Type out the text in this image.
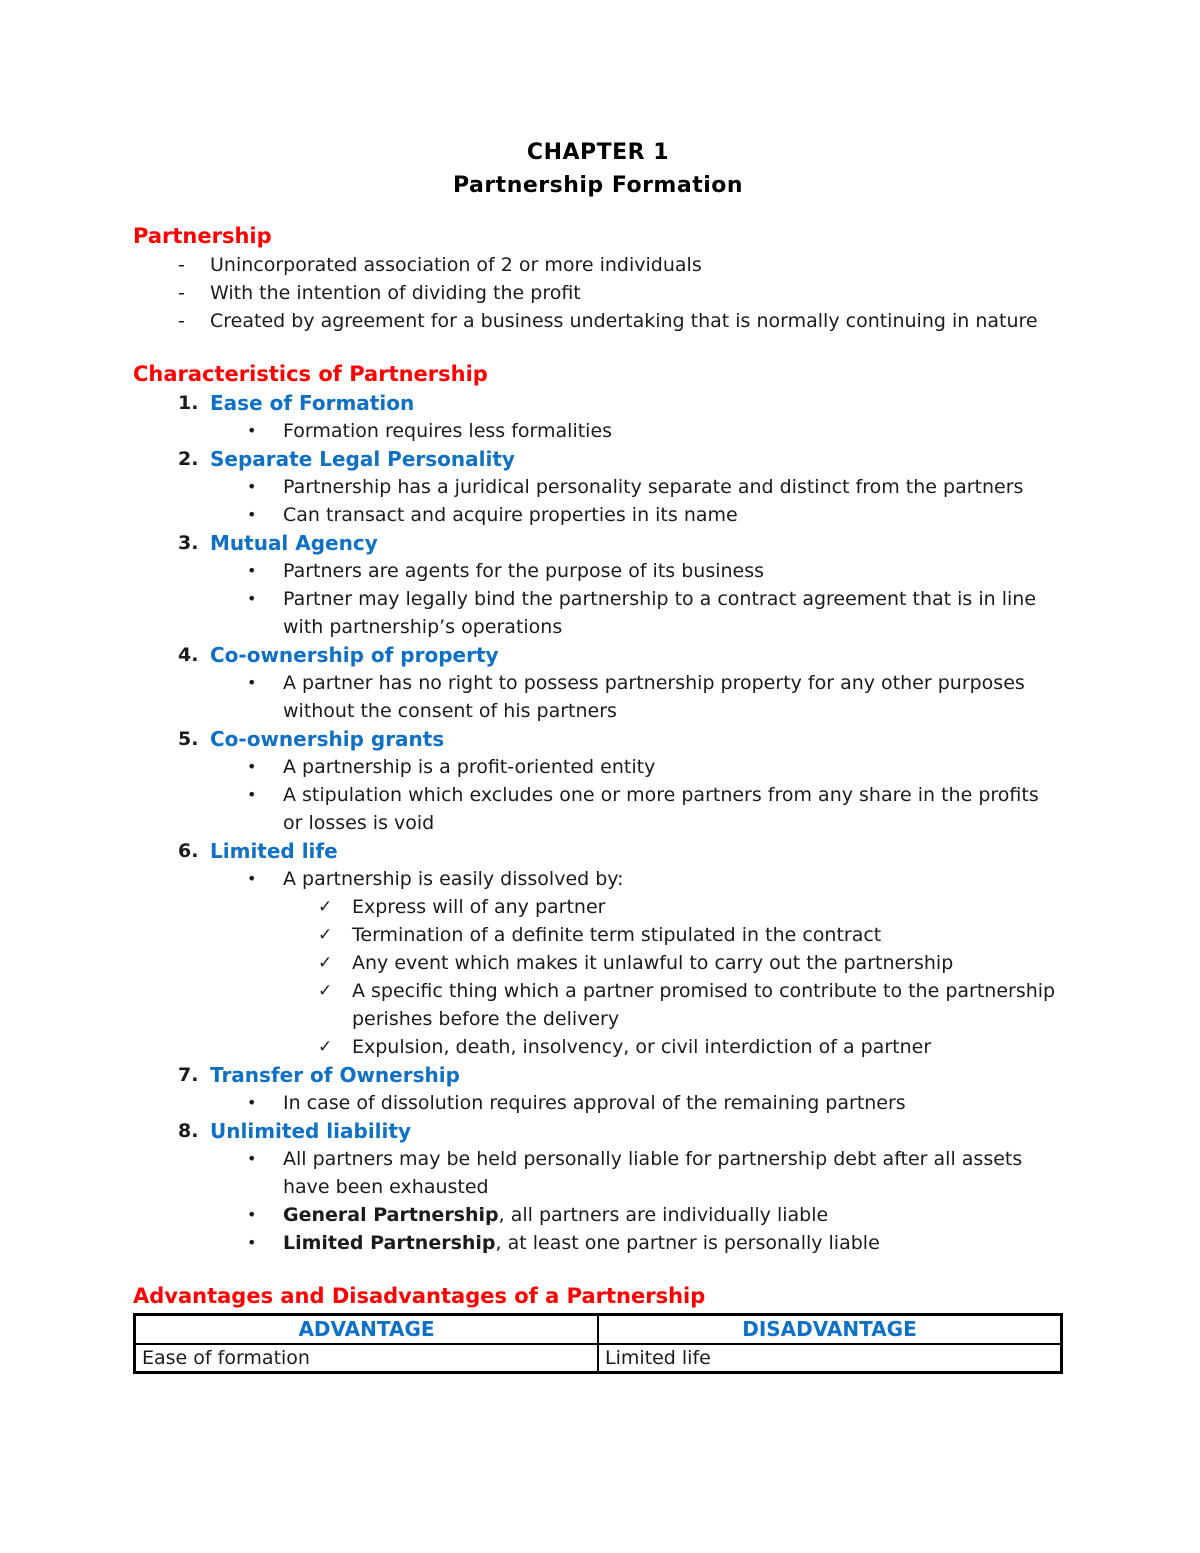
CHAPTER 1
Partnership Formation
Partnership
-	Unincorporated association of 2 or more individuals
-	With the intention of dividing the profit
-	Created by agreement for a business undertaking that is normally continuing in nature
Characteristics of Partnership
1. Ease of Formation
•	Formation requires less formalities
2. Separate Legal Personality
•	Partnership has a juridical personality separate and distinct from the partners
•	Can transact and acquire properties in its name
3. Mutual Agency
•	Partners are agents for the purpose of its business
•	Partner may legally bind the partnership to a contract agreement that is in line with partnership’s operations
4. Co-ownership of property
•	A partner has no right to possess partnership property for any other purposes without the consent of his partners
5. Co-ownership grants
•	A partnership is a profit-oriented entity
•	A stipulation which excludes one or more partners from any share in the profits or losses is void
6. Limited life
•	A partnership is easily dissolved by:
✓	Express will of any partner
✓	Termination of a definite term stipulated in the contract
✓	Any event which makes it unlawful to carry out the partnership
✓	A specific thing which a partner promised to contribute to the partnership perishes before the delivery
✓	Expulsion, death, insolvency, or civil interdiction of a partner
7. Transfer of Ownership
•	In case of dissolution requires approval of the remaining partners
8. Unlimited liability
•	All partners may be held personally liable for partnership debt after all assets have been exhausted
•	General Partnership, all partners are individually liable
•	Limited Partnership, at least one partner is personally liable
Advantages and Disadvantages of a Partnership
ADVANTAGE	DISADVANTAGE
Ease of formation	Limited life
